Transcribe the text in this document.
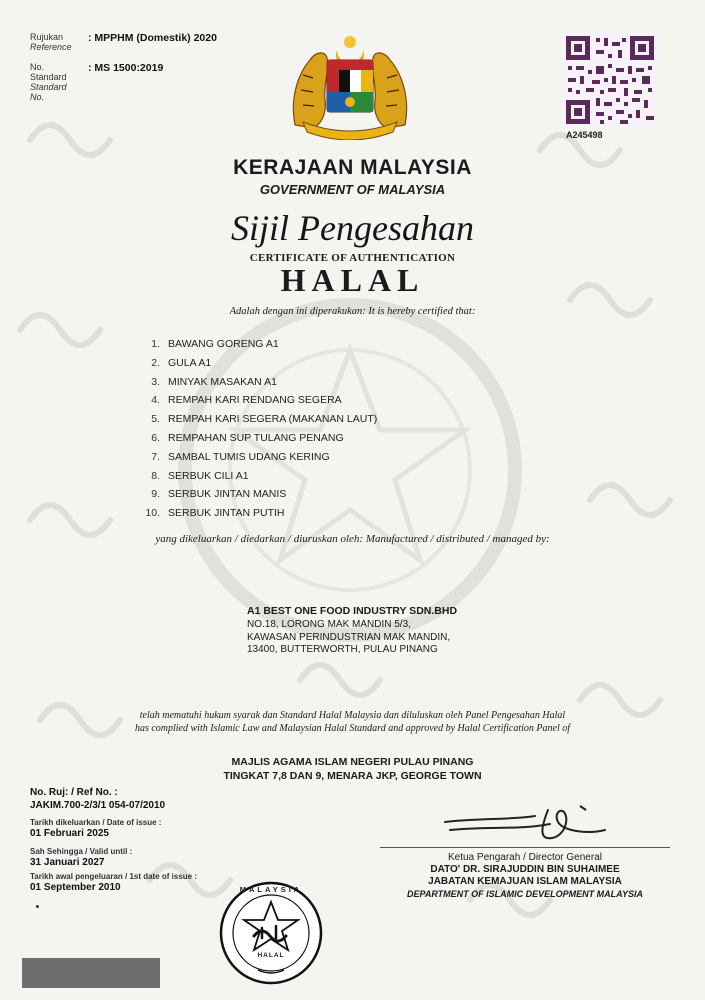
Rujukan
Reference
: MPPHM (Domestik) 2020
No. Standard
Standard No.
: MS 1500:2019
A245498
KERAJAAN MALAYSIA
GOVERNMENT OF MALAYSIA
Sijil Pengesahan
CERTIFICATE OF AUTHENTICATION
HALAL
Adalah dengan ini diperakukan: It is hereby certified that:
1. BAWANG GORENG A1
2. GULA A1
3. MINYAK MASAKAN A1
4. REMPAH KARI RENDANG SEGERA
5. REMPAH KARI SEGERA (MAKANAN LAUT)
6. REMPAHAN SUP TULANG PENANG
7. SAMBAL TUMIS UDANG KERING
8. SERBUK CILI A1
9. SERBUK JINTAN MANIS
10. SERBUK JINTAN PUTIH
yang dikeluarkan / diedarkan / diuruskan oleh: Manufactured / distributed / managed by:
A1 BEST ONE FOOD INDUSTRY SDN.BHD
NO.18, LORONG MAK MANDIN 5/3,
KAWASAN PERINDUSTRIAN MAK MANDIN,
13400, BUTTERWORTH, PULAU PINANG
telah mematuhi hukum syarak dan Standard Halal Malaysia dan diluluskan oleh Panel Pengesahan Halal
has complied with Islamic Law and Malaysian Halal Standard and approved by Halal Certification Panel of
MAJLIS AGAMA ISLAM NEGERI PULAU PINANG
TINGKAT 7,8 DAN 9, MENARA JKP, GEORGE TOWN
No. Ruj: / Ref No. :
JAKIM.700-2/3/1 054-07/2010
Tarikh dikeluarkan / Date of issue :
01 Februari 2025
Sah Sehingga / Valid until :
31 Januari 2027
Tarikh awal pengeluaran / 1st date of issue :
01 September 2010
Ketua Pengarah / Director General
DATO' DR. SIRAJUDDIN BIN SUHAIMEE
JABATAN KEMAJUAN ISLAM MALAYSIA
DEPARTMENT OF ISLAMIC DEVELOPMENT MALAYSIA
MALAYSIA
HALAL
